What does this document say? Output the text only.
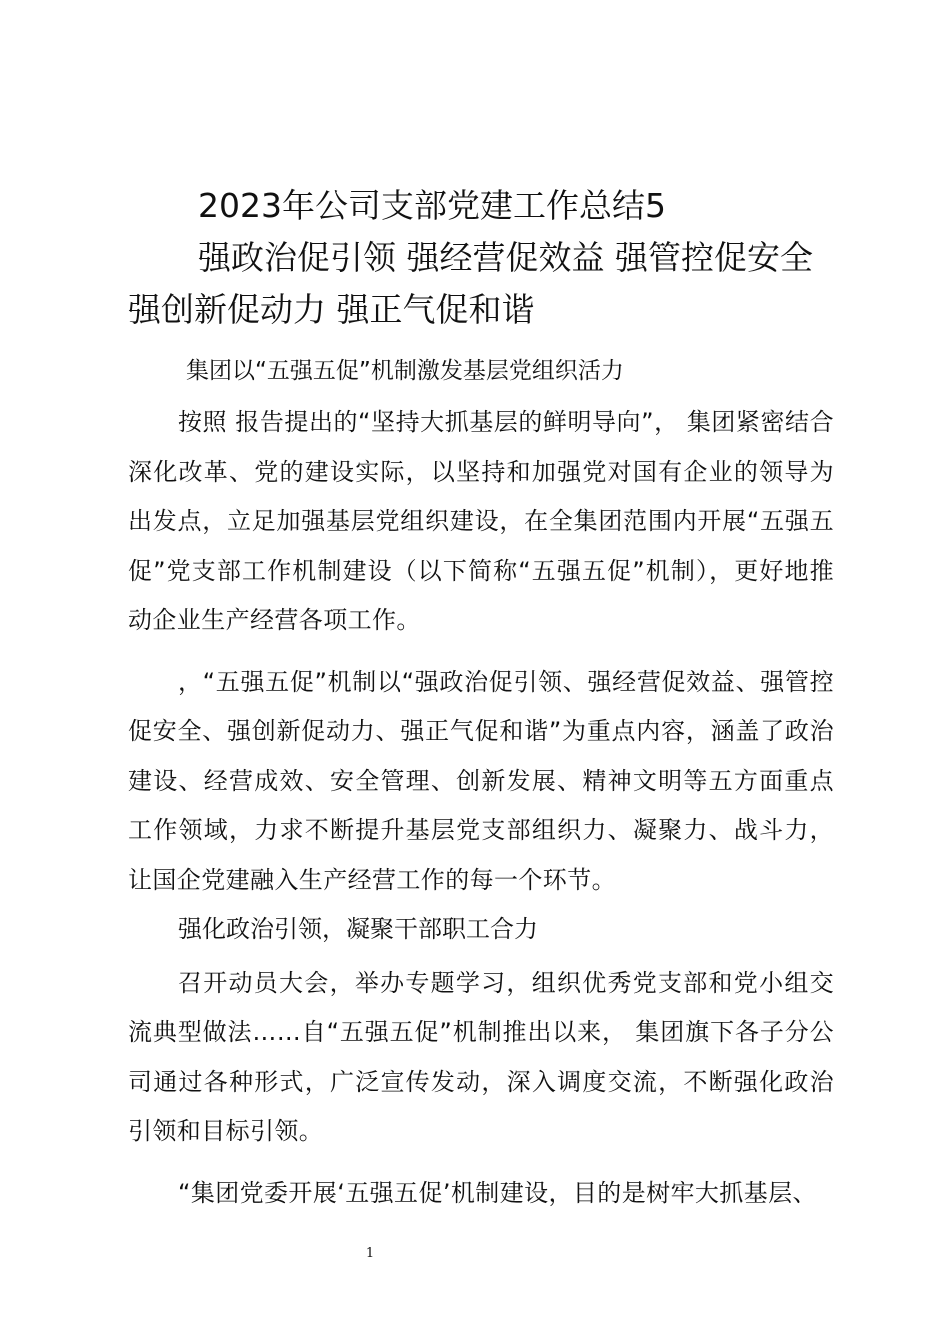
2023年公司支部党建工作总结5
强政治促引领 强经营促效益 强管控促安全 强创新促动力 强正气促和谐

集团以“五强五促”机制激发基层党组织活力

按照 报告提出的“坚持大抓基层的鲜明导向”， 集团紧密结合深化改革、党的建设实际，以坚持和加强党对国有企业的领导为出发点，立足加强基层党组织建设，在全集团范围内开展“五强五促”党支部工作机制建设（以下简称“五强五促”机制），更好地推动企业生产经营各项工作。

，“五强五促”机制以“强政治促引领、强经营促效益、强管控促安全、强创新促动力、强正气促和谐”为重点内容，涵盖了政治建设、经营成效、安全管理、创新发展、精神文明等五方面重点工作领域，力求不断提升基层党支部组织力、凝聚力、战斗力，让国企党建融入生产经营工作的每一个环节。

强化政治引领，凝聚干部职工合力

召开动员大会，举办专题学习，组织优秀党支部和党小组交流典型做法……自“五强五促”机制推出以来， 集团旗下各子分公司通过各种形式，广泛宣传发动，深入调度交流，不断强化政治引领和目标引领。

“集团党委开展‘五强五促’机制建设，目的是树牢大抓基层、

1
